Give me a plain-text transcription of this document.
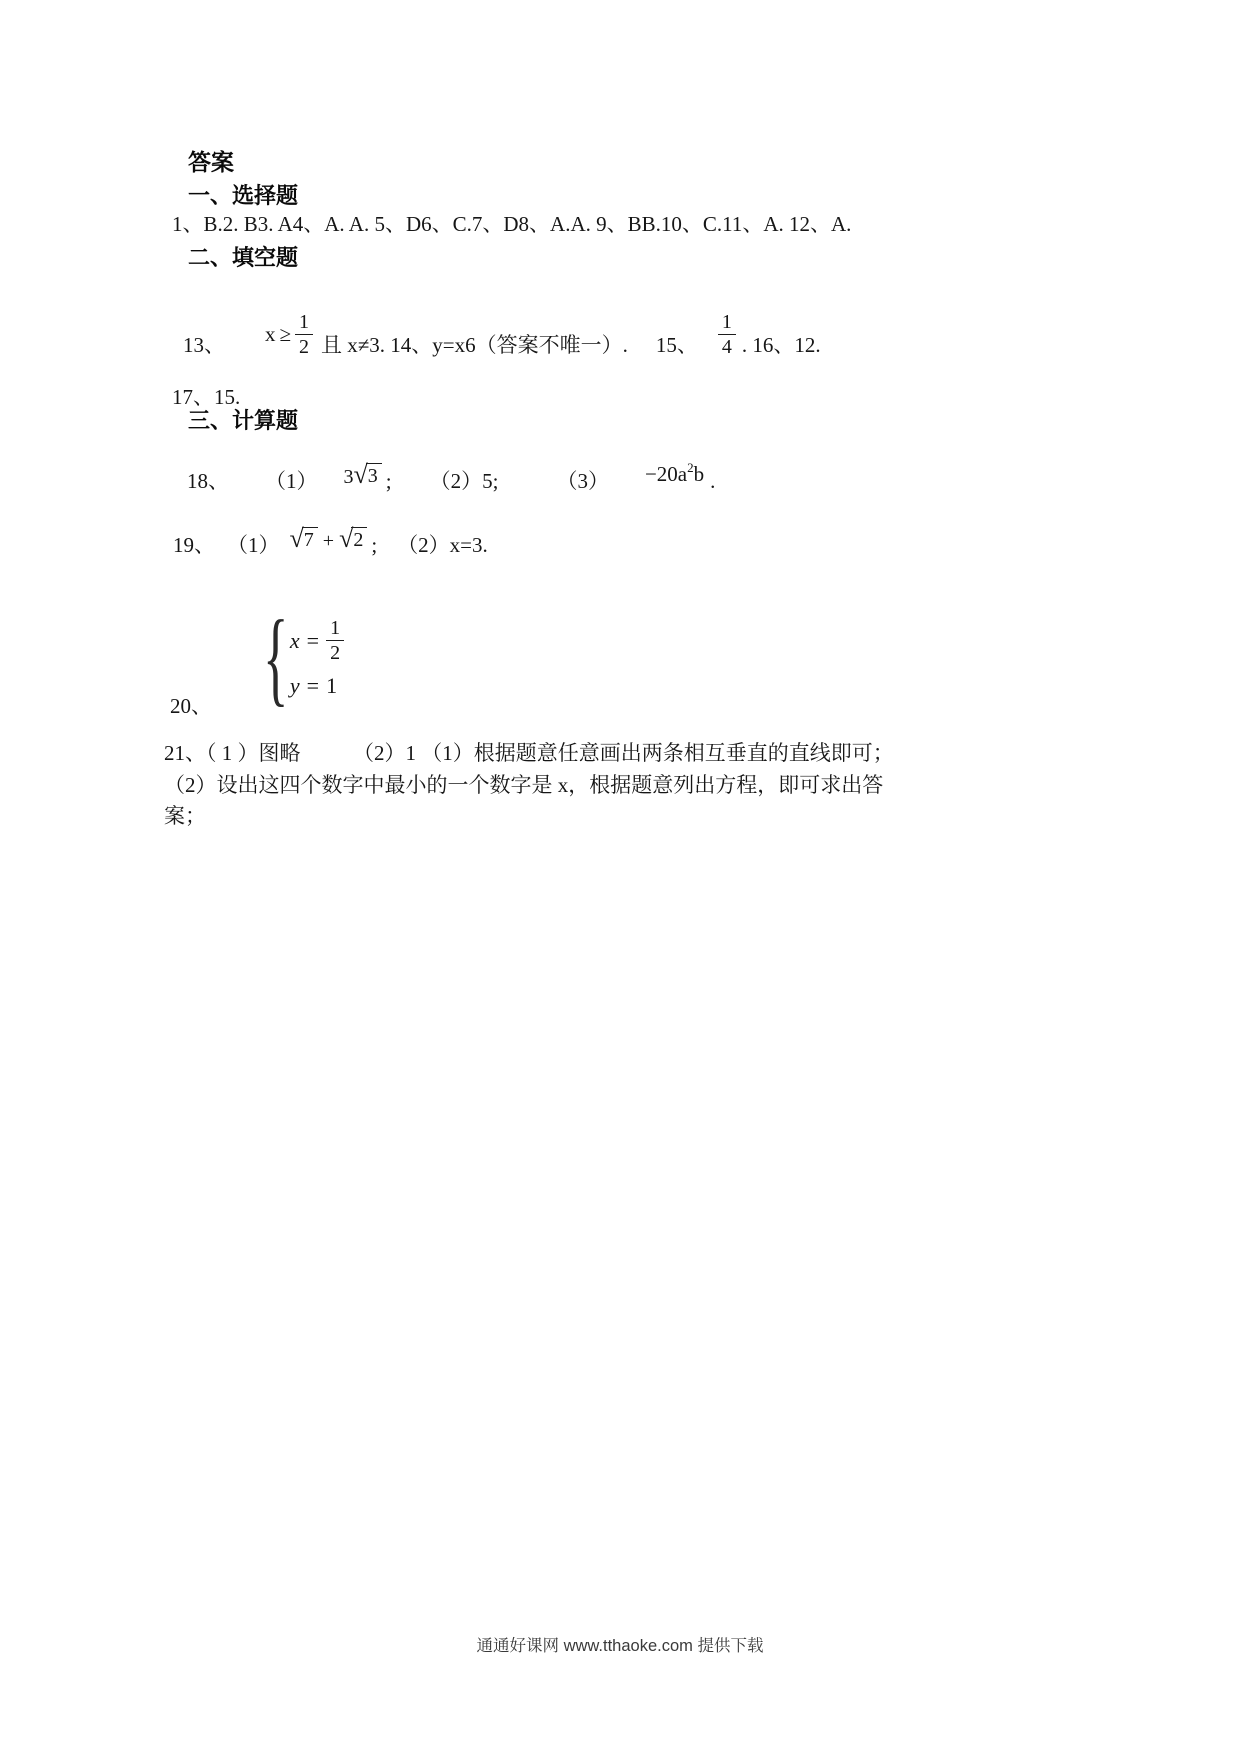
答案
一、选择题
1、B.2. B3. A4、A. A. 5、D6、C.7、D8、A.A. 9、BB.10、C.11、A. 12、A.
二、填空题
13、 $x \ge \frac{1}{2}$ 且 x≠3. 14、y=x6（答案不唯一）. 15、 $\frac{1}{4}$ . 16、12.
17、15.
三、计算题
18、 （1） 3 √ 3 ; （2）5;	$(3) -20a^2b$ .
19、 （1） √ 7 + √ 2 ; （2）x=3.
20、 { $x = \frac{1}{2}$
y = 1
21、（ 1 ）图略　　　（2）1 （1）根据题意任意画出两条相互垂直的直线即可；
（2）设出这四个数字中最小的一个数字是 x，根据题意列出方程，即可求出答
案；
通通好课网 www.tthaoke.com 提供下载
